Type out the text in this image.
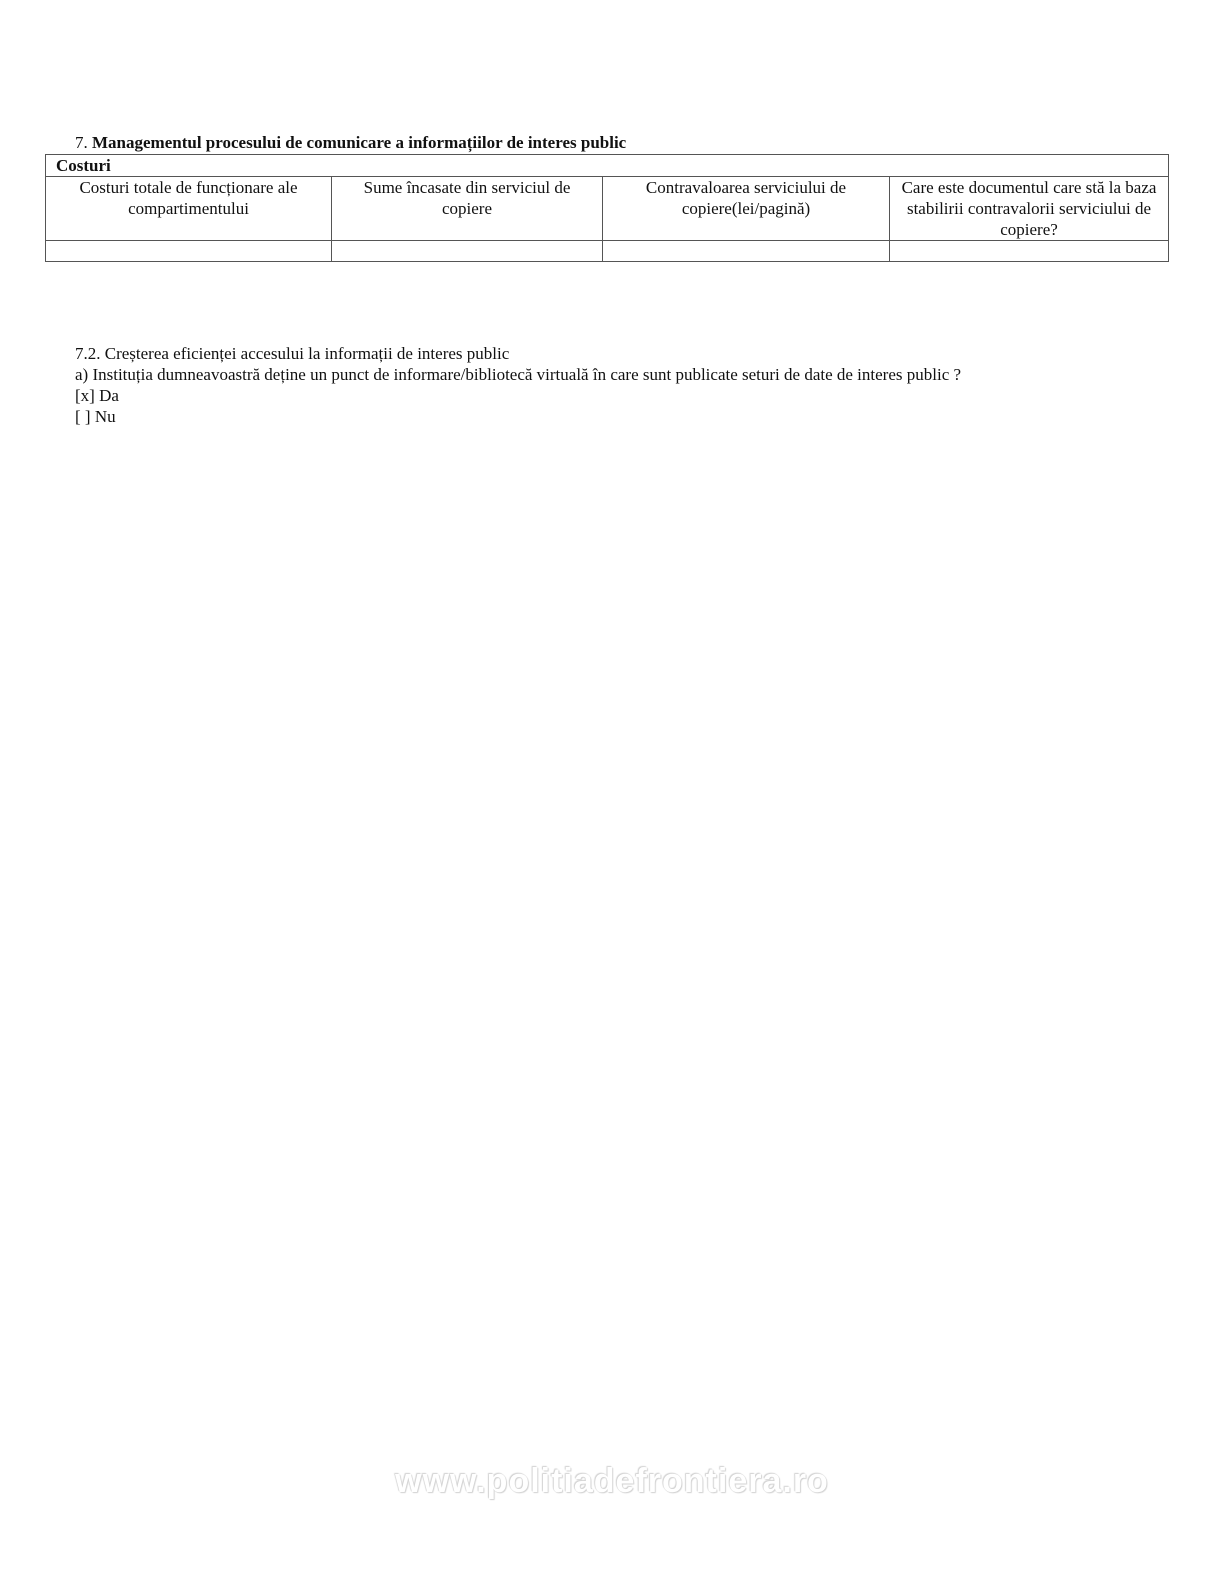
7. Managementul procesului de comunicare a informațiilor de interes public
Costuri			
Costuri totale de funcționare ale compartimentului	Sume încasate din serviciul de copiere	Contravaloarea serviciului de copiere(lei/pagină)	Care este documentul care stă la baza stabilirii contravalorii serviciului de copiere?

7.2. Creșterea eficienței accesului la informații de interes public
a) Instituția dumneavoastră deține un punct de informare/bibliotecă virtuală în care sunt publicate seturi de date de interes public ?
[x] Da
[ ] Nu
www.politiadefrontiera.ro
